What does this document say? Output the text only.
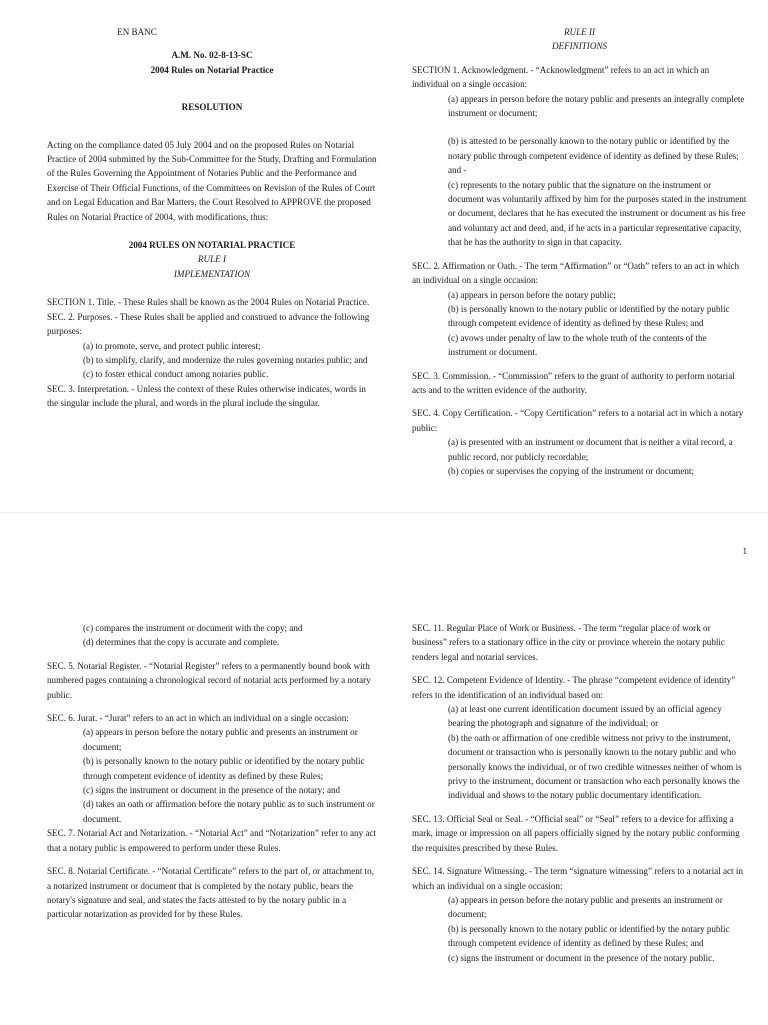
EN BANC

A.M. No. 02-8-13-SC

2004 Rules on Notarial Practice

RESOLUTION

Acting on the compliance dated 05 July 2004 and on the proposed Rules on Notarial Practice of 2004 submitted by the Sub-Committee for the Study, Drafting and Formulation of the Rules Governing the Appointment of Notaries Public and the Performance and Exercise of Their Official Functions, of the Committees on Revision of the Rules of Court and on Legal Education and Bar Matters, the Court Resolved to APPROVE the proposed Rules on Notarial Practice of 2004, with modifications, thus:

2004 RULES ON NOTARIAL PRACTICE

RULE I

IMPLEMENTATION

SECTION 1. Title. - These Rules shall be known as the 2004 Rules on Notarial Practice.

SEC. 2. Purposes. - These Rules shall be applied and construed to advance the following purposes:

(a) to promote, serve, and protect public interest;

(b) to simplify, clarify, and modernize the rules governing notaries public; and

(c) to foster ethical conduct among notaries public.

SEC. 3. Interpretation. - Unless the context of these Rules otherwise indicates, words in the singular include the plural, and words in the plural include the singular.

RULE II

DEFINITIONS

SECTION 1. Acknowledgment. - “Acknowledgment” refers to an act in which an individual on a single occasion:

(a) appears in person before the notary public and presents an integrally complete instrument or document;

(b) is attested to be personally known to the notary public or identified by the notary public through competent evidence of identity as defined by these Rules; and -

(c) represents to the notary public that the signature on the instrument or document was voluntarily affixed by him for the purposes stated in the instrument or document, declares that he has executed the instrument or document as his free and voluntary act and deed, and, if he acts in a particular representative capacity, that he has the authority to sign in that capacity.

SEC. 2. Affirmation or Oath. - The term “Affirmation” or “Oath” refers to an act in which an individual on a single occasion:

(a) appears in person before the notary public;

(b) is personally known to the notary public or identified by the notary public through competent evidence of identity as defined by these Rules; and

(c) avows under penalty of law to the whole truth of the contents of the instrument or document.

SEC. 3. Commission. - “Commission” refers to the grant of authority to perform notarial acts and to the written evidence of the authority.

SEC. 4. Copy Certification. - “Copy Certification” refers to a notarial act in which a notary public:

(a) is presented with an instrument or document that is neither a vital record, a public record, nor publicly recordable;

(b) copies or supervises the copying of the instrument or document;

1

(c) compares the instrument or document with the copy; and

(d) determines that the copy is accurate and complete.

SEC. 5. Notarial Register. - “Notarial Register” refers to a permanently bound book with numbered pages containing a chronological record of notarial acts performed by a notary public.

SEC. 6. Jurat. - “Jurat” refers to an act in which an individual on a single occasion:

(a) appears in person before the notary public and presents an instrument or document;

(b) is personally known to the notary public or identified by the notary public through competent evidence of identity as defined by these Rules;

(c) signs the instrument or document in the presence of the notary; and

(d) takes an oath or affirmation before the notary public as to such instrument or document.

SEC. 7. Notarial Act and Notarization. - “Notarial Act” and “Notarization” refer to any act that a notary public is empowered to perform under these Rules.

SEC. 8. Notarial Certificate. - “Notarial Certificate” refers to the part of, or attachment to, a notarized instrument or document that is completed by the notary public, bears the notary's signature and seal, and states the facts attested to by the notary public in a particular notarization as provided for by these Rules.

SEC. 11. Regular Place of Work or Business. - The term “regular place of work or business” refers to a stationary office in the city or province wherein the notary public renders legal and notarial services.

SEC. 12. Competent Evidence of Identity. - The phrase “competent evidence of identity” refers to the identification of an individual based on:

(a) at least one current identification document issued by an official agency bearing the photograph and signature of the individual; or

(b) the oath or affirmation of one credible witness not privy to the instrument, document or transaction who is personally known to the notary public and who personally knows the individual, or of two credible witnesses neither of whom is privy to the instrument, document or transaction who each personally knows the individual and shows to the notary public documentary identification.

SEC. 13. Official Seal or Seal. - “Official seal” or “Seal” refers to a device for affixing a mark, image or impression on all papers officially signed by the notary public conforming the requisites prescribed by these Rules.

SEC. 14. Signature Witnessing. - The term “signature witnessing” refers to a notarial act in which an individual on a single occasion:

(a) appears in person before the notary public and presents an instrument or document;

(b) is personally known to the notary public or identified by the notary public through competent evidence of identity as defined by these Rules; and

(c) signs the instrument or document in the presence of the notary public.
